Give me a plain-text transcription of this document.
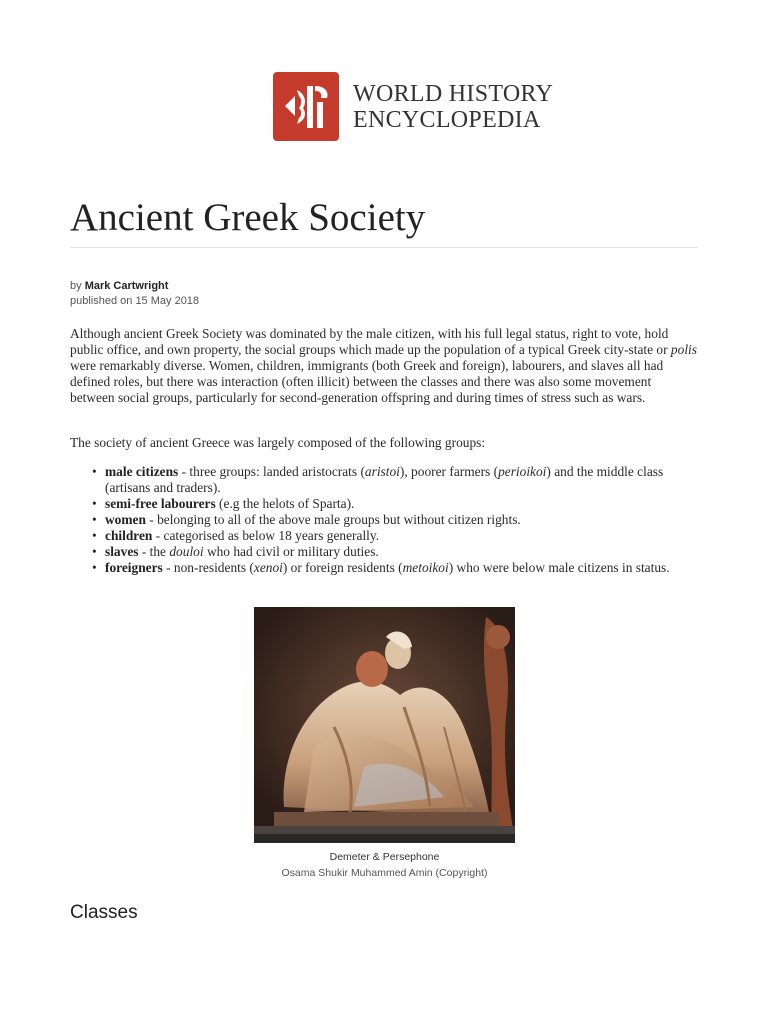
WORLD HISTORY
ENCYCLOPEDIA
Ancient Greek Society
by Mark Cartwright
published on 15 May 2018

Although ancient Greek Society was dominated by the male citizen, with his full legal status, right to vote, hold public office, and own property, the social groups which made up the population of a typical Greek city-state or polis were remarkably diverse. Women, children, immigrants (both Greek and foreign), labourers, and slaves all had defined roles, but there was interaction (often illicit) between the classes and there was also some movement between social groups, particularly for second-generation offspring and during times of stress such as wars.

The society of ancient Greece was largely composed of the following groups:

• male citizens - three groups: landed aristocrats (aristoi), poorer farmers (perioikoi) and the middle class (artisans and traders).
• semi-free labourers (e.g the helots of Sparta).
• women - belonging to all of the above male groups but without citizen rights.
• children - categorised as below 18 years generally.
• slaves - the douloi who had civil or military duties.
• foreigners - non-residents (xenoi) or foreign residents (metoikoi) who were below male citizens in status.
Demeter & Persephone
Osama Shukir Muhammed Amin (Copyright)
Classes
